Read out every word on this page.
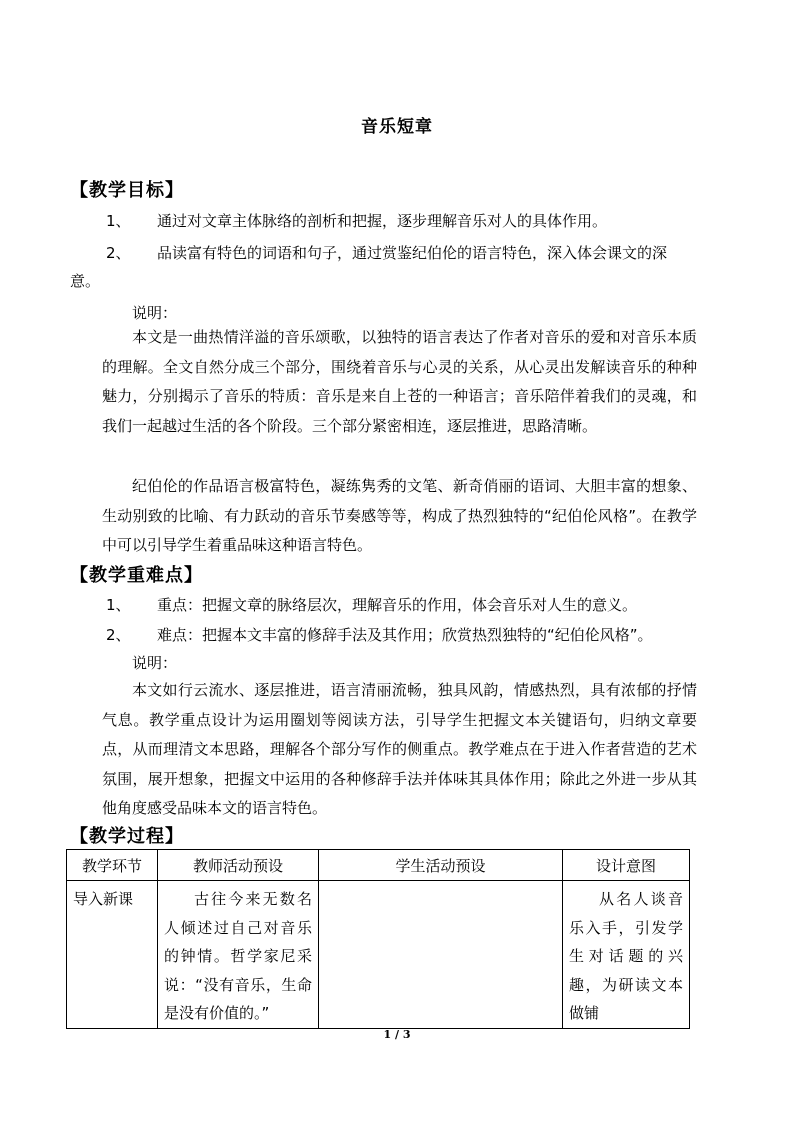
音乐短章
【教学目标】
1、 通过对文章主体脉络的剖析和把握，逐步理解音乐对人的具体作用。
2、 品读富有特色的词语和句子，通过赏鉴纪伯伦的语言特色，深入体会课文的深
意。
说明：

本文是一曲热情洋溢的音乐颂歌，以独特的语言表达了作者对音乐的爱和对音乐本质的理解。全文自然分成三个部分，围绕着音乐与心灵的关系，从心灵出发解读音乐的种种魅力，分别揭示了音乐的特质：音乐是来自上苍的一种语言；音乐陪伴着我们的灵魂，和我们一起越过生活的各个阶段。三个部分紧密相连，逐层推进，思路清晰。

纪伯伦的作品语言极富特色，凝练隽秀的文笔、新奇俏丽的语词、大胆丰富的想象、生动别致的比喻、有力跃动的音乐节奏感等等，构成了热烈独特的“纪伯伦风格”。在教学中可以引导学生着重品味这种语言特色。

【教学重难点】
1、 重点：把握文章的脉络层次，理解音乐的作用，体会音乐对人生的意义。
2、 难点：把握本文丰富的修辞手法及其作用；欣赏热烈独特的“纪伯伦风格”。
说明：

本文如行云流水、逐层推进，语言清丽流畅，独具风韵，情感热烈，具有浓郁的抒情气息。教学重点设计为运用圈划等阅读方法，引导学生把握文本关键语句，归纳文章要点，从而理清文本思路，理解各个部分写作的侧重点。教学难点在于进入作者营造的艺术氛围，展开想象，把握文中运用的各种修辞手法并体味其具体作用；除此之外进一步从其他角度感受品味本文的语言特色。

【教学过程】
教学环节	教师活动预设	学生活动预设	设计意图
导入新课	古往今来无数名人倾述过自己对音乐的钟情。哲学家尼采说：“没有音乐，生命是没有价值的。”		从名人谈音乐入手，引发学生对话题的兴趣，为研读文本做铺
1 / 3
